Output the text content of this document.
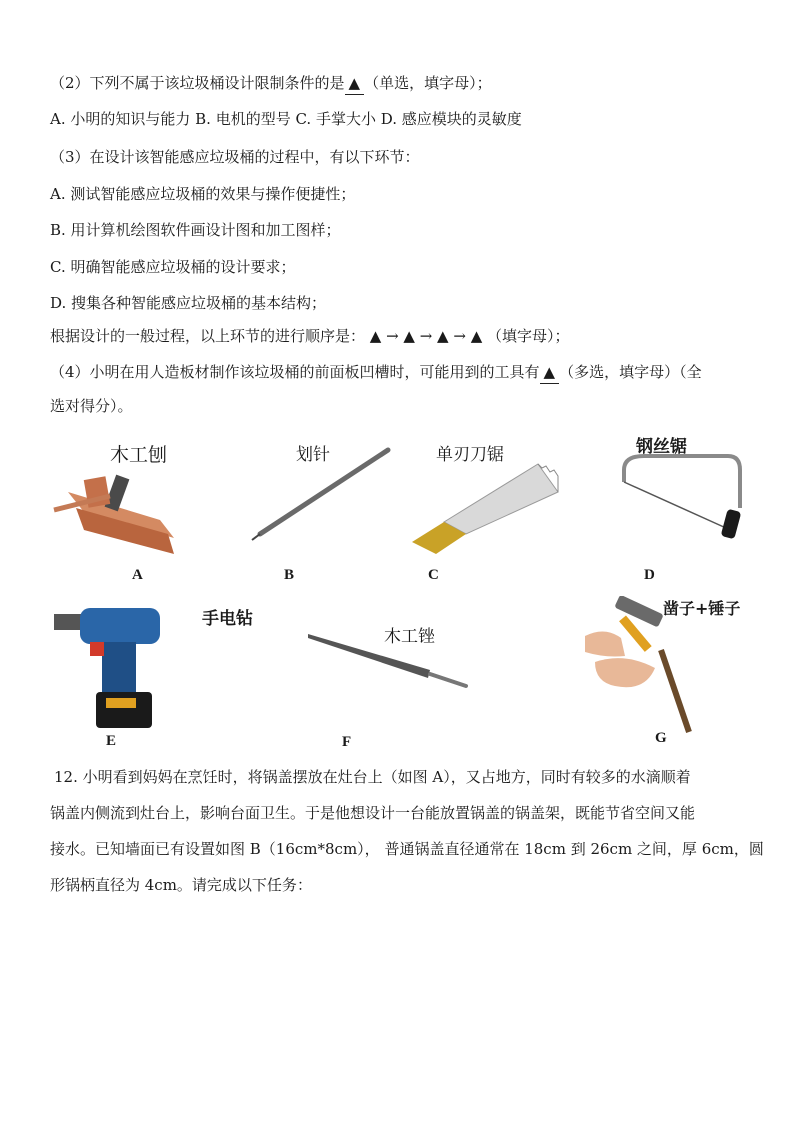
（2）下列不属于该垃圾桶设计限制条件的是 ▲ （单选，填字母）；
A. 小明的知识与能力 B. 电机的型号 C. 手掌大小 D. 感应模块的灵敏度
（3）在设计该智能感应垃圾桶的过程中，有以下环节：
A. 测试智能感应垃圾桶的效果与操作便捷性；
B. 用计算机绘图软件画设计图和加工图样；
C. 明确智能感应垃圾桶的设计要求；
D. 搜集各种智能感应垃圾桶的基本结构；
根据设计的一般过程，以上环节的进行顺序是： ▲ → ▲ → ▲ → ▲ （填字母）；
（4）小明在用人造板材制作该垃圾桶的前面板凹槽时，可能用到的工具有 ▲ （多选，填字母）（全
选对得分）。
木工刨
A
划针
B
单刃刀锯
C
钢丝锯
D
手电钻
E
木工锉
F
凿子+锤子
G
12. 小明看到妈妈在烹饪时，将锅盖摆放在灶台上（如图 A），又占地方，同时有较多的水滴顺着
锅盖内侧流到灶台上，影响台面卫生。于是他想设计一台能放置锅盖的锅盖架，既能节省空间又能
接水。已知墙面已有设置如图 B（16cm*8cm）， 普通锅盖直径通常在 18cm 到 26cm 之间，厚 6cm，圆
形锅柄直径为 4cm。请完成以下任务：
